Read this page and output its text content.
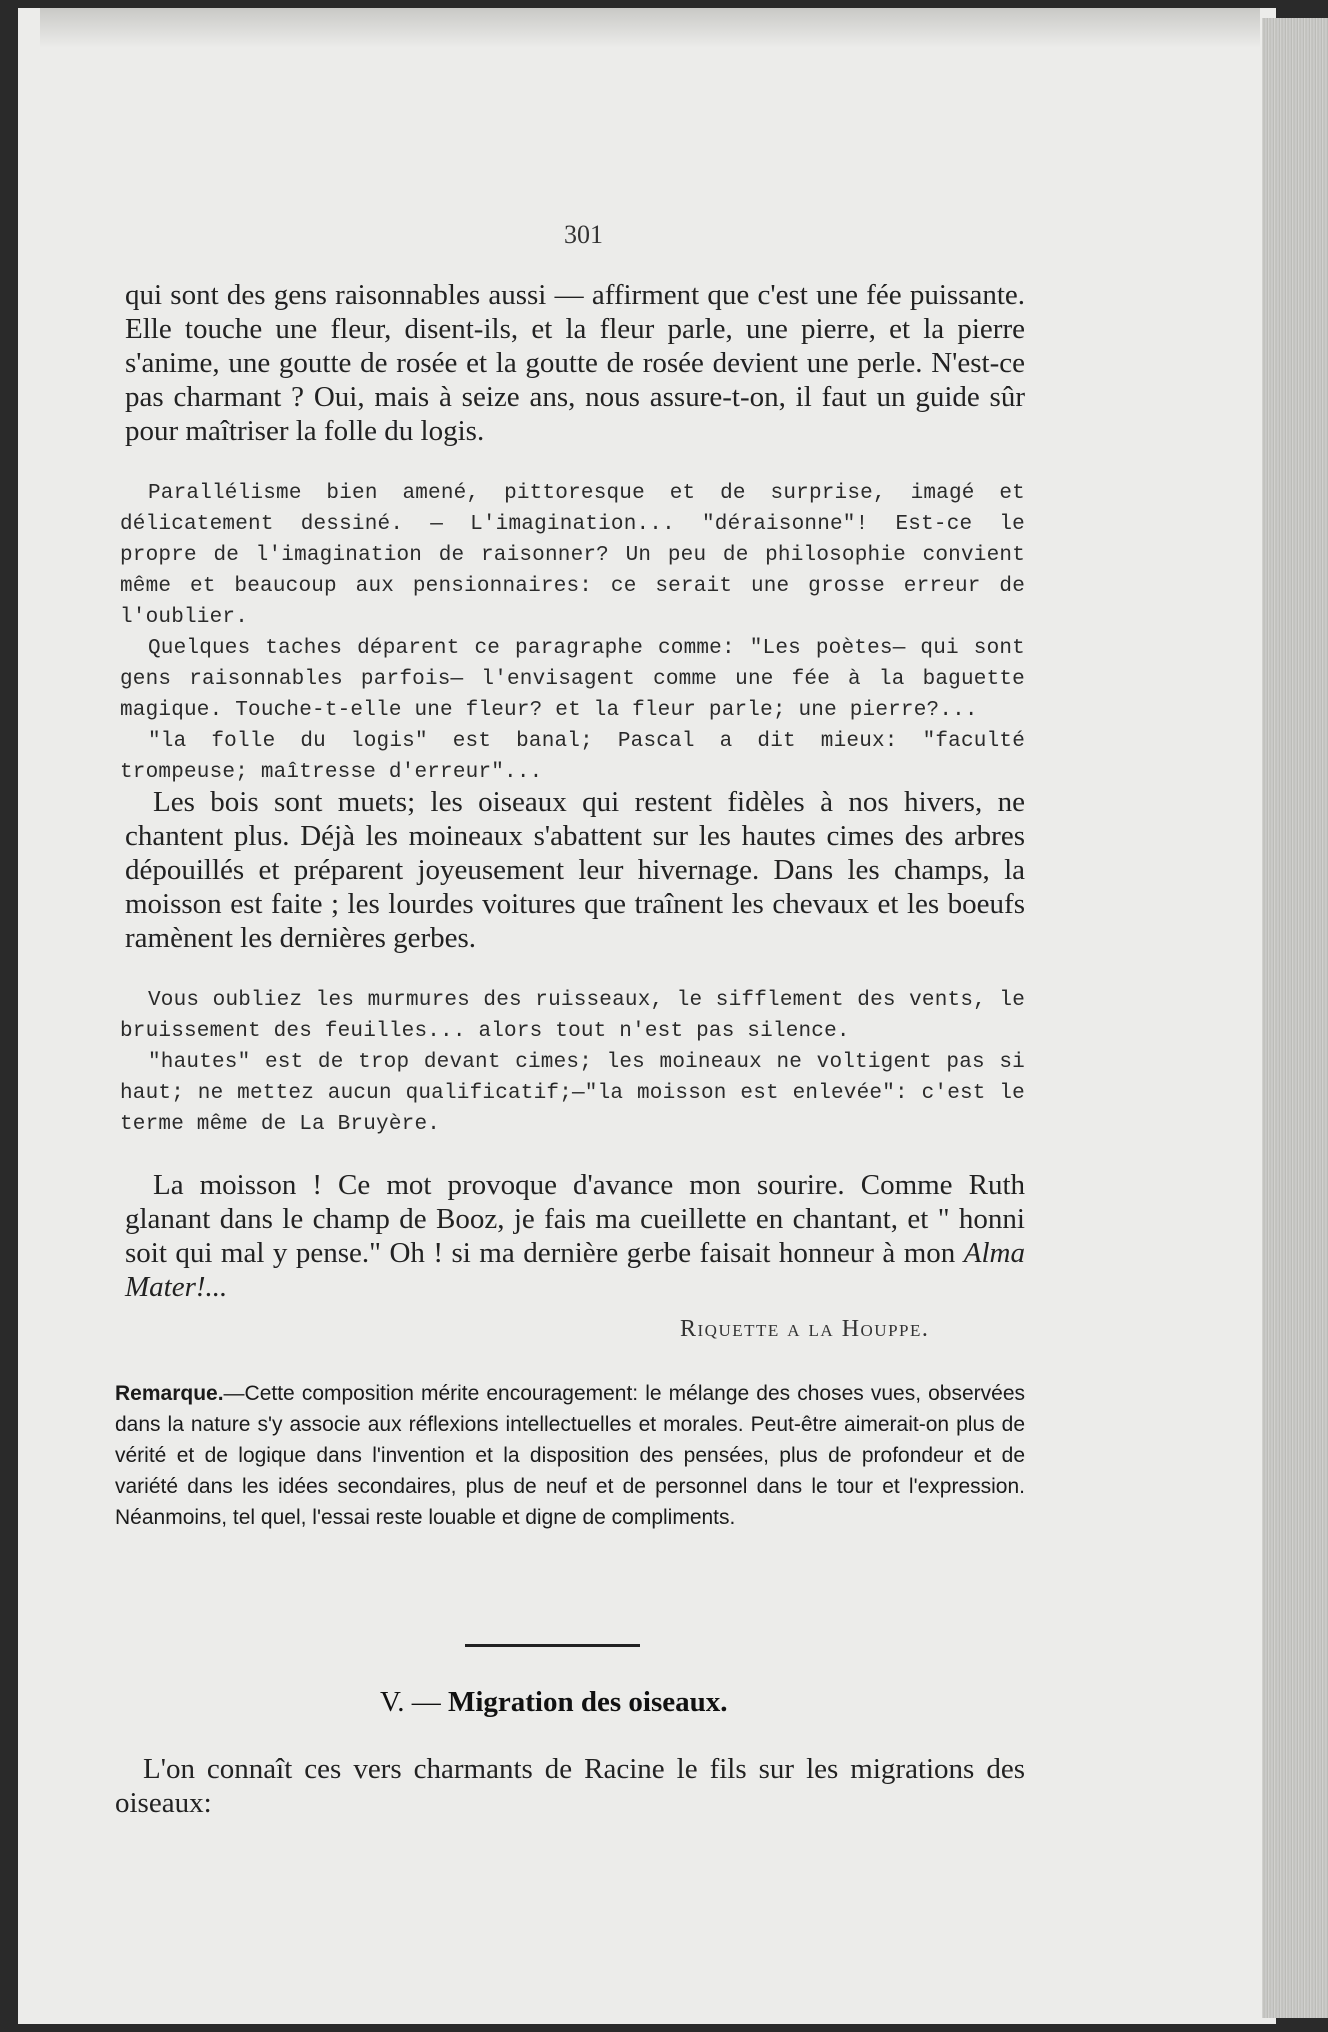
301

qui sont des gens raisonnables aussi — affirment que c'est une fée puissante. Elle touche une fleur, disent-ils, et la fleur parle, une pierre, et la pierre s'anime, une goutte de rosée et la goutte de rosée devient une perle. N'est-ce pas charmant ? Oui, mais à seize ans, nous assure-t-on, il faut un guide sûr pour maîtriser la folle du logis.

Parallélisme bien amené, pittoresque et de surprise, imagé et délicatement dessiné. — L'imagination... "déraisonne"! Est-ce le propre de l'imagination de raisonner? Un peu de philosophie convient même et beaucoup aux pensionnaires: ce serait une grosse erreur de l'oublier.

Quelques taches déparent ce paragraphe comme: "Les poètes— qui sont gens raisonnables parfois— l'envisagent comme une fée à la baguette magique. Touche-t-elle une fleur? et la fleur parle; une pierre?...

"la folle du logis" est banal; Pascal a dit mieux: "faculté trompeuse; maîtresse d'erreur"...

Les bois sont muets; les oiseaux qui restent fidèles à nos hivers, ne chantent plus. Déjà les moineaux s'abattent sur les hautes cimes des arbres dépouillés et préparent joyeusement leur hivernage. Dans les champs, la moisson est faite ; les lourdes voitures que traînent les chevaux et les boeufs ramènent les dernières gerbes.

Vous oubliez les murmures des ruisseaux, le sifflement des vents, le bruissement des feuilles... alors tout n'est pas silence.

"hautes" est de trop devant cimes; les moineaux ne voltigent pas si haut; ne mettez aucun qualificatif;—"la moisson est enlevée": c'est le terme même de La Bruyère.

La moisson ! Ce mot provoque d'avance mon sourire. Comme Ruth glanant dans le champ de Booz, je fais ma cueillette en chantant, et " honni soit qui mal y pense." Oh ! si ma dernière gerbe faisait honneur à mon Alma Mater!...

Riquette a la Houppe.

Remarque.—Cette composition mérite encouragement: le mélange des choses vues, observées dans la nature s'y associe aux réflexions intellectuelles et morales. Peut-être aimerait-on plus de vérité et de logique dans l'invention et la disposition des pensées, plus de profondeur et de variété dans les idées secondaires, plus de neuf et de personnel dans le tour et l'expression. Néanmoins, tel quel, l'essai reste louable et digne de compliments.

V. — Migration des oiseaux.

L'on connaît ces vers charmants de Racine le fils sur les migrations des oiseaux:
